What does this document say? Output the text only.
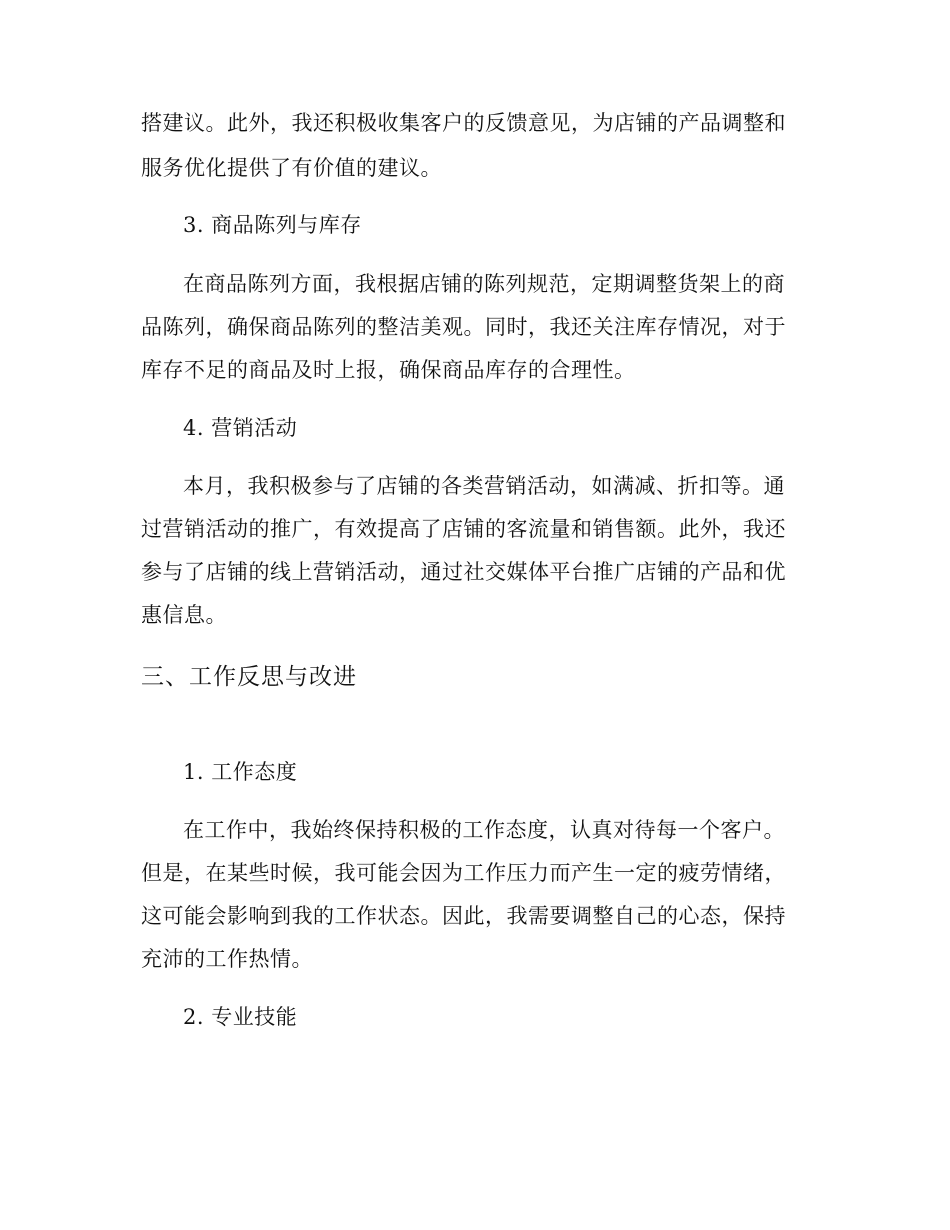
搭建议。此外，我还积极收集客户的反馈意见，为店铺的产品调整和
服务优化提供了有价值的建议。
3. 商品陈列与库存
在商品陈列方面，我根据店铺的陈列规范，定期调整货架上的商
品陈列，确保商品陈列的整洁美观。同时，我还关注库存情况，对于
库存不足的商品及时上报，确保商品库存的合理性。
4. 营销活动
本月，我积极参与了店铺的各类营销活动，如满减、折扣等。通
过营销活动的推广，有效提高了店铺的客流量和销售额。此外，我还
参与了店铺的线上营销活动，通过社交媒体平台推广店铺的产品和优
惠信息。
三、工作反思与改进
1. 工作态度
在工作中，我始终保持积极的工作态度，认真对待每一个客户。
但是，在某些时候，我可能会因为工作压力而产生一定的疲劳情绪，
这可能会影响到我的工作状态。因此，我需要调整自己的心态，保持
充沛的工作热情。
2. 专业技能
